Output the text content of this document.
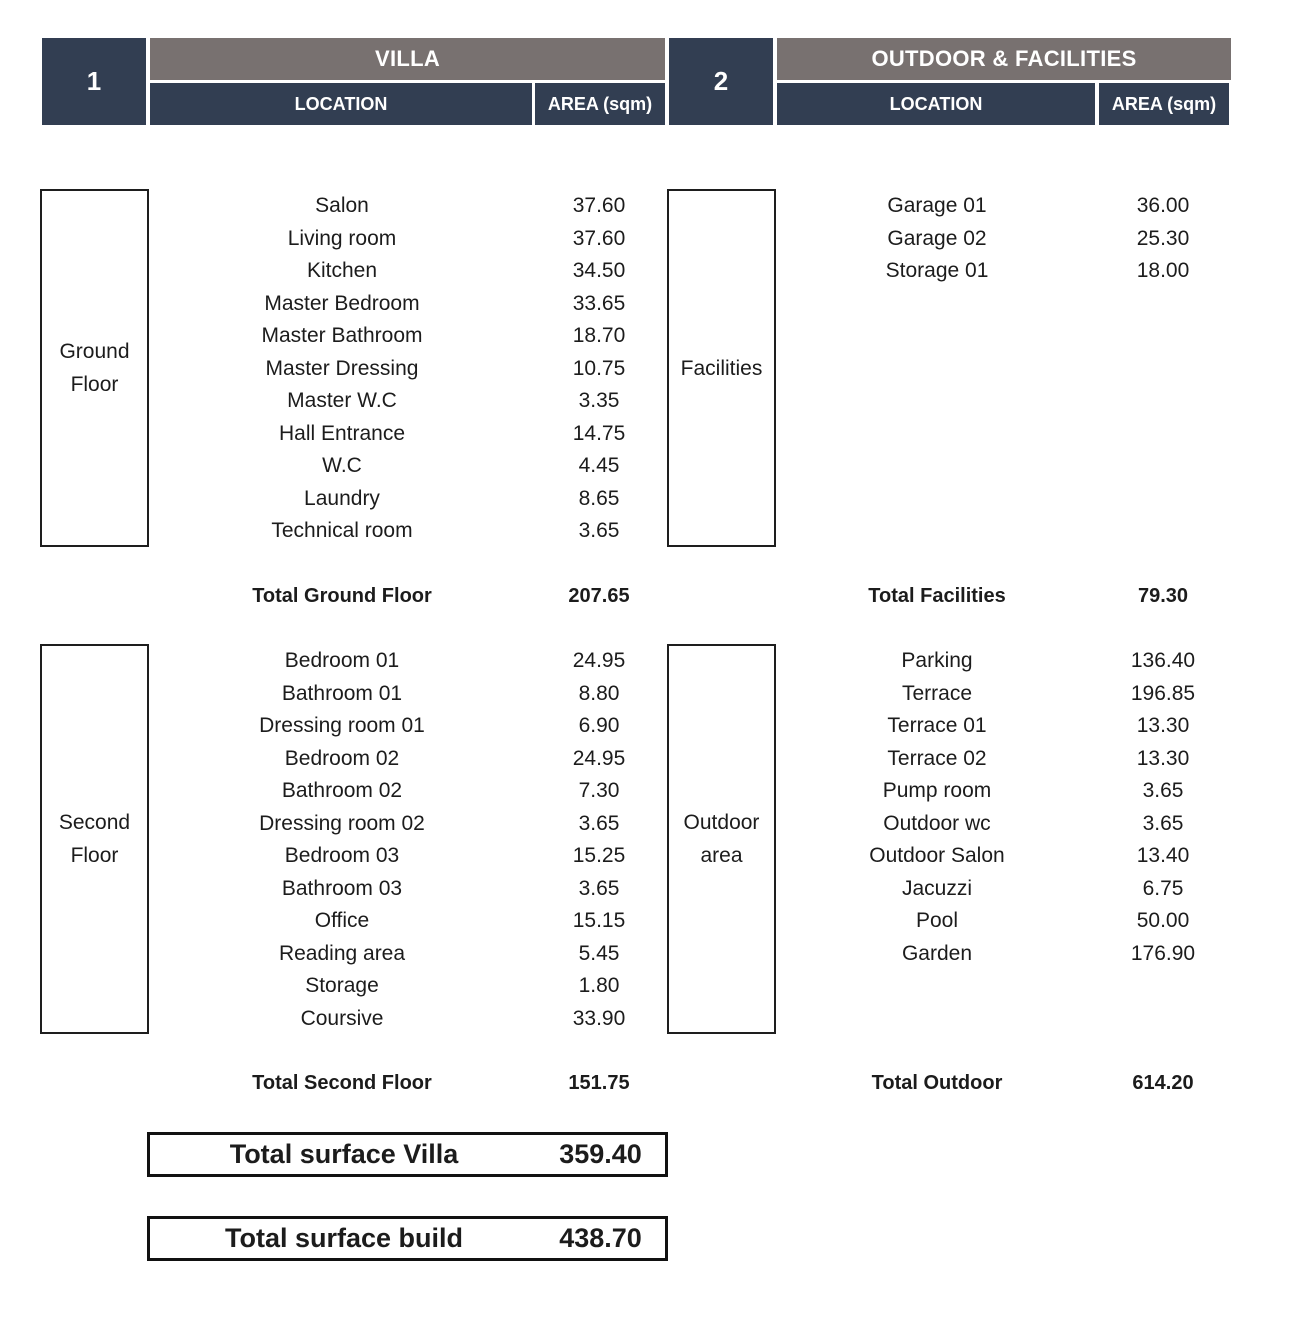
1
VILLA
LOCATION	AREA (sqm)
2
OUTDOOR & FACILITIES
LOCATION	AREA (sqm)
Ground
Floor
Salon	37.60
Living room	37.60
Kitchen	34.50
Master Bedroom	33.65
Master Bathroom	18.70
Master Dressing	10.75
Master W.C	3.35
Hall Entrance	14.75
W.C	4.45
Laundry	8.65
Technical room	3.65
Total Ground Floor	207.65
Second
Floor
Bedroom 01	24.95
Bathroom 01	8.80
Dressing room 01	6.90
Bedroom 02	24.95
Bathroom 02	7.30
Dressing room 02	3.65
Bedroom 03	15.25
Bathroom 03	3.65
Office	15.15
Reading area	5.45
Storage	1.80
Coursive	33.90
Total Second Floor	151.75
Facilities
Garage 01	36.00
Garage 02	25.30
Storage 01	18.00
Total Facilities	79.30
Outdoor
area
Parking	136.40
Terrace	196.85
Terrace 01	13.30
Terrace 02	13.30
Pump room	3.65
Outdoor wc	3.65
Outdoor Salon	13.40
Jacuzzi	6.75
Pool	50.00
Garden	176.90
Total Outdoor	614.20
Total surface Villa	359.40
Total surface build	438.70
